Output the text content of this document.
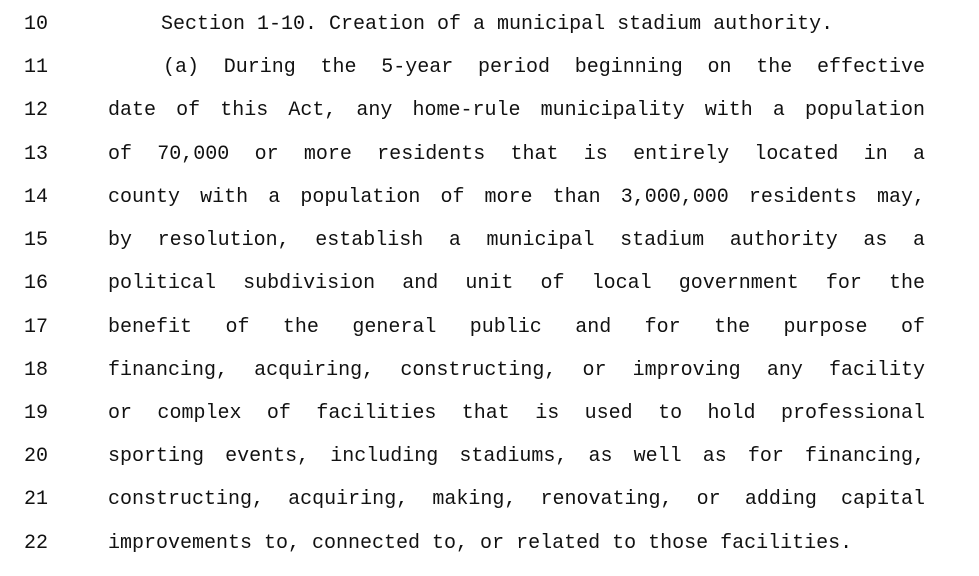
10	Section 1-10. Creation of a municipal stadium authority.
11	(a) During the 5-year period beginning on the effective
12	date of this Act, any home-rule municipality with a population
13	of 70,000 or more residents that is entirely located in a
14	county with a population of more than 3,000,000 residents may,
15	by resolution, establish a municipal stadium authority as a
16	political subdivision and unit of local government for the
17	benefit of the general public and for the purpose of
18	financing, acquiring, constructing, or improving any facility
19	or complex of facilities that is used to hold professional
20	sporting events, including stadiums, as well as for financing,
21	constructing, acquiring, making, renovating, or adding capital
22	improvements to, connected to, or related to those facilities.
